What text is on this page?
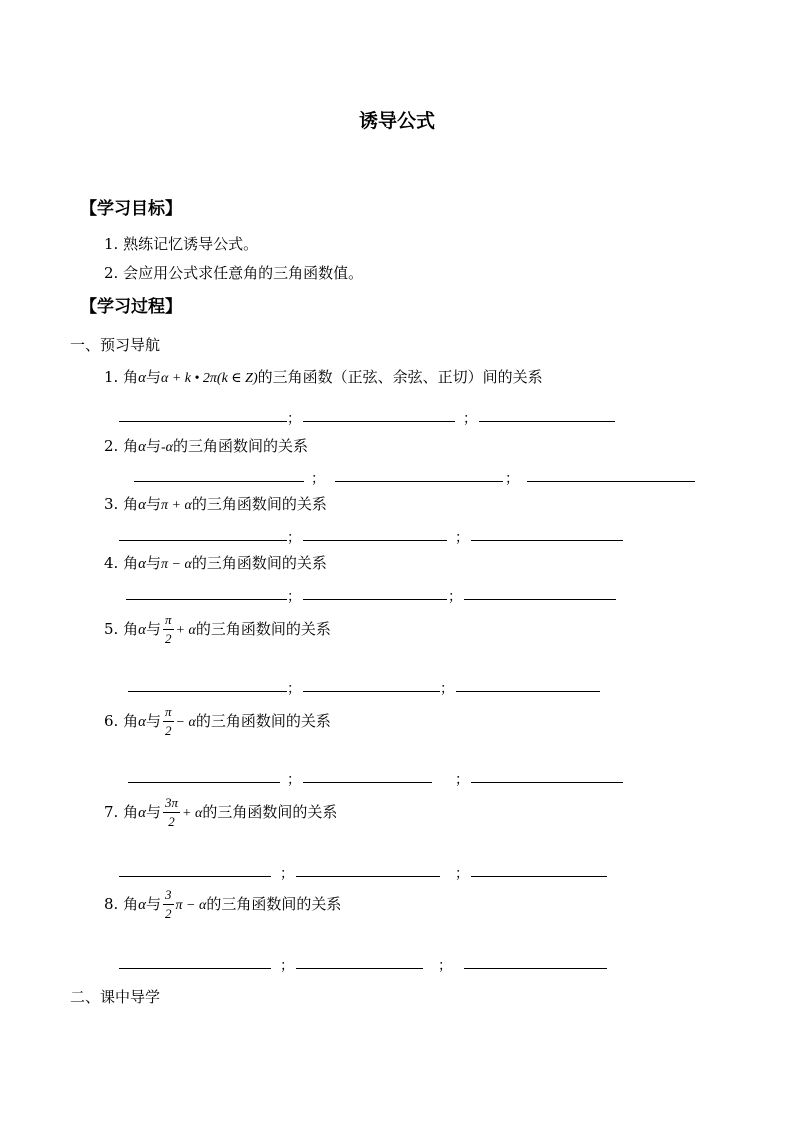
诱导公式
【学习目标】
1. 熟练记忆诱导公式。
2. 会应用公式求任意角的三角函数值。
【学习过程】
一、预习导航
1. 角α与α + k • 2π(k ∈ Z)的三角函数（正弦、余弦、正切）间的关系
；	；
2. 角α与-α的三角函数间的关系
；	；
3. 角α与π + α的三角函数间的关系
；	；
4. 角α与π − α的三角函数间的关系
；	；
5. 角α与 $\frac{\pi}{2} + \alpha$的三角函数间的关系
；	；
6. 角α与 $\frac{\pi}{2} - \alpha$的三角函数间的关系
；	；
7. 角α与 $\frac{3\pi}{2} + \alpha$的三角函数间的关系
；	；
8. 角α与 $\frac{3}{2}$ π − α的三角函数间的关系
；	；
二、课中导学
